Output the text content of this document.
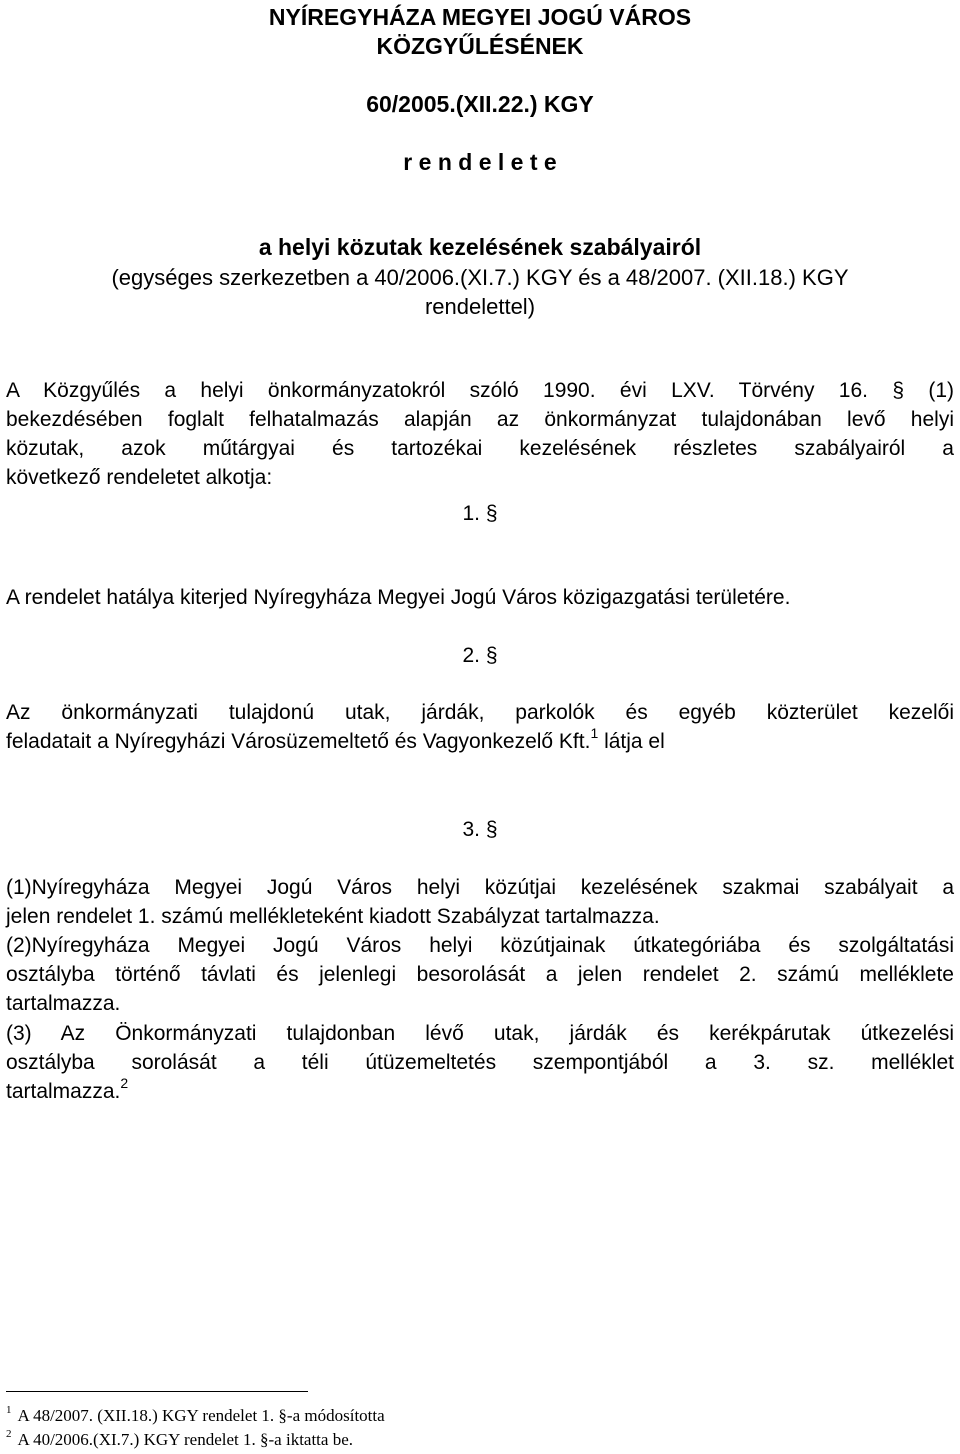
NYÍREGYHÁZA MEGYEI JOGÚ VÁROS
KÖZGYŰLÉSÉNEK
60/2005.(XII.22.) KGY
r e n d e l e t e
a helyi közutak kezelésének szabályairól
(egységes szerkezetben a 40/2006.(XI.7.) KGY és a 48/2007. (XII.18.) KGY
rendelettel)
A Közgyűlés a helyi önkormányzatokról szóló 1990. évi LXV. Törvény 16. § (1)
bekezdésében foglalt felhatalmazás alapján az önkormányzat tulajdonában levő helyi
közutak, azok műtárgyai és tartozékai kezelésének részletes szabályairól a
következő rendeletet alkotja:
1. §
A rendelet hatálya kiterjed Nyíregyháza Megyei Jogú Város közigazgatási területére.
2. §
Az önkormányzati tulajdonú utak, járdák, parkolók és egyéb közterület kezelői
feladatait a Nyíregyházi Városüzemeltető és Vagyonkezelő Kft.$^1$ látja el
3. §
(1)Nyíregyháza Megyei Jogú Város helyi közútjai kezelésének szakmai szabályait a
jelen rendelet 1. számú mellékleteként kiadott Szabályzat tartalmazza.
(2)Nyíregyháza Megyei Jogú Város helyi közútjainak útkategóriába és szolgáltatási
osztályba történő távlati és jelenlegi besorolását a jelen rendelet 2. számú melléklete
tartalmazza.
(3) Az Önkormányzati tulajdonban lévő utak, járdák és kerékpárutak útkezelési
osztályba sorolását a téli útüzemeltetés szempontjából a 3. sz. melléklet
tartalmazza.$^2$
$^1$ A 48/2007. (XII.18.) KGY rendelet 1. §-a módosította
$^2$ A 40/2006.(XI.7.) KGY rendelet 1. §-a iktatta be.
